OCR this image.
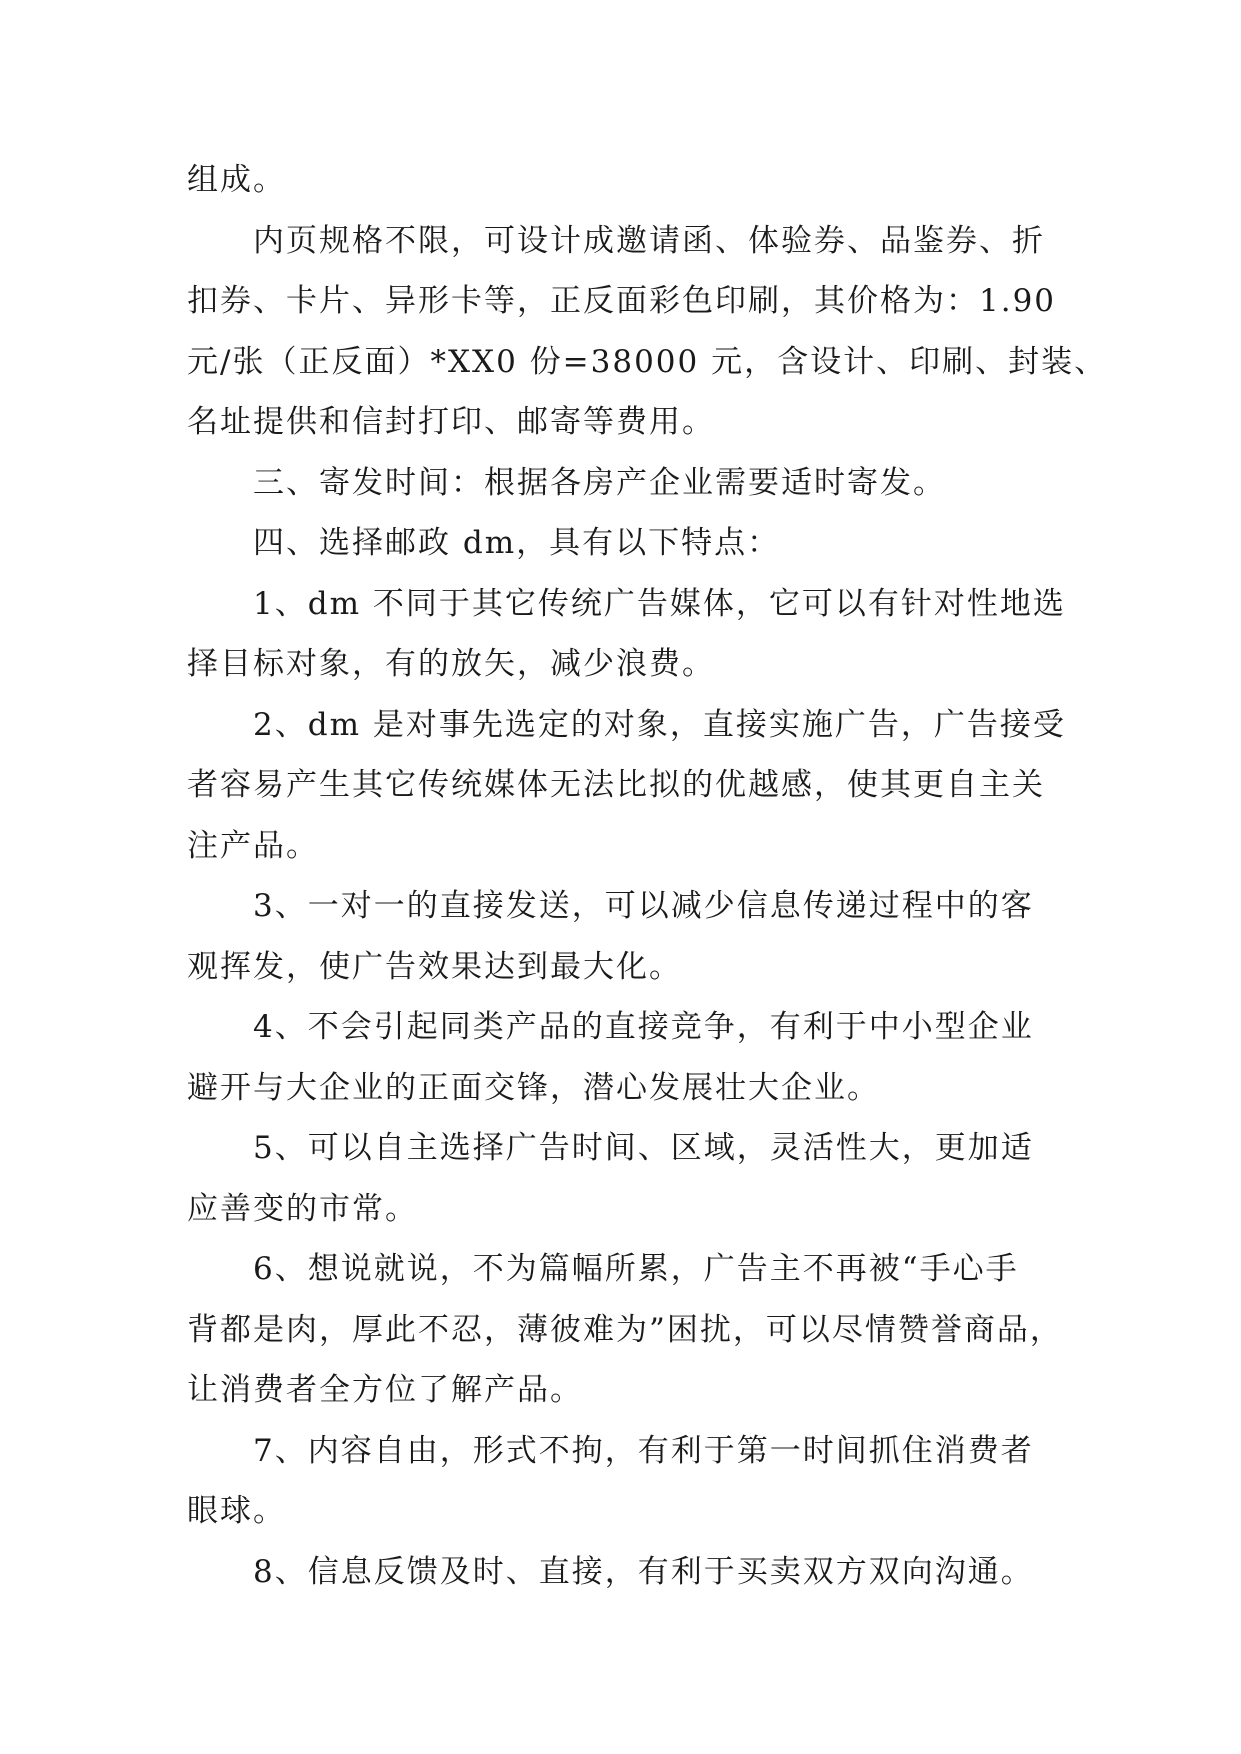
组成。
内页规格不限，可设计成邀请函、体验券、品鉴券、折
扣券、卡片、异形卡等，正反面彩色印刷，其价格为：1.90
元/张（正反面）*XX0 份=38000 元，含设计、印刷、封装、
名址提供和信封打印、邮寄等费用。
三、寄发时间：根据各房产企业需要适时寄发。
四、选择邮政 dm，具有以下特点：
1、dm 不同于其它传统广告媒体，它可以有针对性地选
择目标对象，有的放矢，减少浪费。
2、dm 是对事先选定的对象，直接实施广告，广告接受
者容易产生其它传统媒体无法比拟的优越感，使其更自主关
注产品。
3、一对一的直接发送，可以减少信息传递过程中的客
观挥发，使广告效果达到最大化。
4、不会引起同类产品的直接竞争，有利于中小型企业
避开与大企业的正面交锋，潜心发展壮大企业。
5、可以自主选择广告时间、区域，灵活性大，更加适
应善变的市常。
6、想说就说，不为篇幅所累，广告主不再被“手心手
背都是肉，厚此不忍，薄彼难为”困扰，可以尽情赞誉商品，
让消费者全方位了解产品。
7、内容自由，形式不拘，有利于第一时间抓住消费者
眼球。
8、信息反馈及时、直接，有利于买卖双方双向沟通。
